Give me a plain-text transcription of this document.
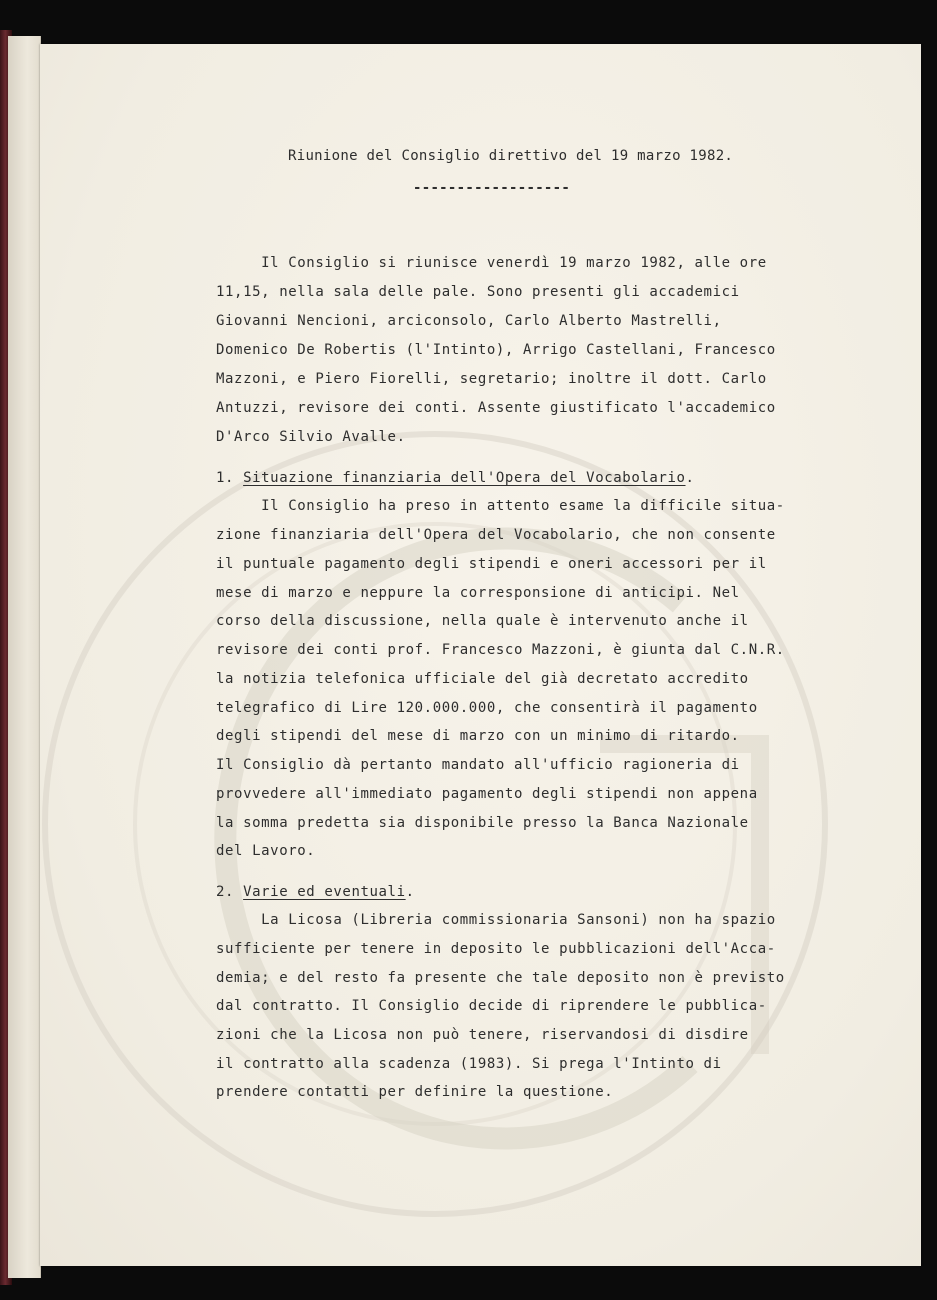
Riunione del Consiglio direttivo del 19 marzo 1982.
------------------
Il Consiglio si riunisce venerdì 19 marzo 1982, alle ore
11,15, nella sala delle pale. Sono presenti gli accademici
Giovanni Nencioni, arciconsolo, Carlo Alberto Mastrelli,
Domenico De Robertis (l'Intinto), Arrigo Castellani, Francesco
Mazzoni, e Piero Fiorelli, segretario; inoltre il dott. Carlo
Antuzzi, revisore dei conti. Assente giustificato l'accademico
D'Arco Silvio Avalle.
1. Situazione finanziaria dell'Opera del Vocabolario.
Il Consiglio ha preso in attento esame la difficile situa-
zione finanziaria dell'Opera del Vocabolario, che non consente
il puntuale pagamento degli stipendi e oneri accessori per il
mese di marzo e neppure la corresponsione di anticipi. Nel
corso della discussione, nella quale è intervenuto anche il
revisore dei conti prof. Francesco Mazzoni, è giunta dal C.N.R.
la notizia telefonica ufficiale del già decretato accredito
telegrafico di Lire 120.000.000, che consentirà il pagamento
degli stipendi del mese di marzo con un minimo di ritardo.
Il Consiglio dà pertanto mandato all'ufficio ragioneria di
provvedere all'immediato pagamento degli stipendi non appena
la somma predetta sia disponibile presso la Banca Nazionale
del Lavoro.
2. Varie ed eventuali.
La Licosa (Libreria commissionaria Sansoni) non ha spazio
sufficiente per tenere in deposito le pubblicazioni dell'Acca-
demia; e del resto fa presente che tale deposito non è previsto
dal contratto. Il Consiglio decide di riprendere le pubblica-
zioni che la Licosa non può tenere, riservandosi di disdire
il contratto alla scadenza (1983). Si prega l'Intinto di
prendere contatti per definire la questione.
